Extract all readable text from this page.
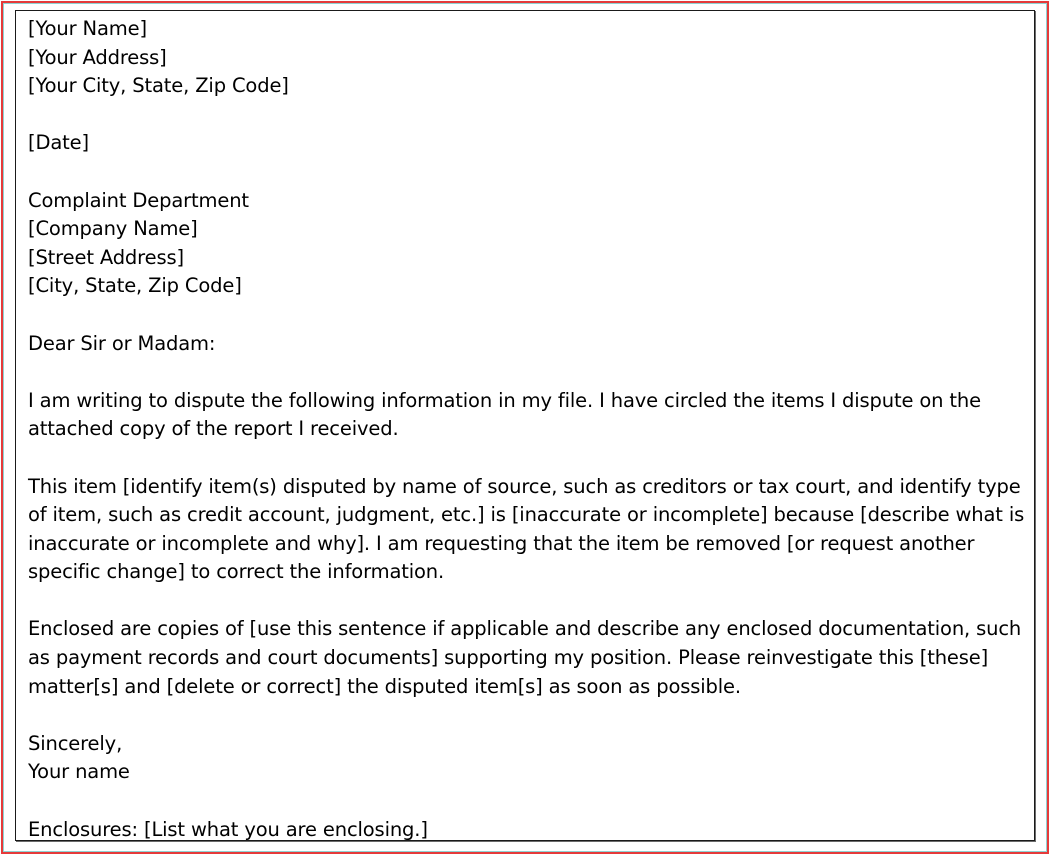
[Your Name]
[Your Address]
[Your City, State, Zip Code]
[Date]
Complaint Department
[Company Name]
[Street Address]
[City, State, Zip Code]
Dear Sir or Madam:
I am writing to dispute the following information in my file. I have circled the items I dispute on the
attached copy of the report I received.
This item [identify item(s) disputed by name of source, such as creditors or tax court, and identify type
of item, such as credit account, judgment, etc.] is [inaccurate or incomplete] because [describe what is
inaccurate or incomplete and why]. I am requesting that the item be removed [or request another
specific change] to correct the information.
Enclosed are copies of [use this sentence if applicable and describe any enclosed documentation, such
as payment records and court documents] supporting my position. Please reinvestigate this [these]
matter[s] and [delete or correct] the disputed item[s] as soon as possible.
Sincerely,
Your name
Enclosures: [List what you are enclosing.]
